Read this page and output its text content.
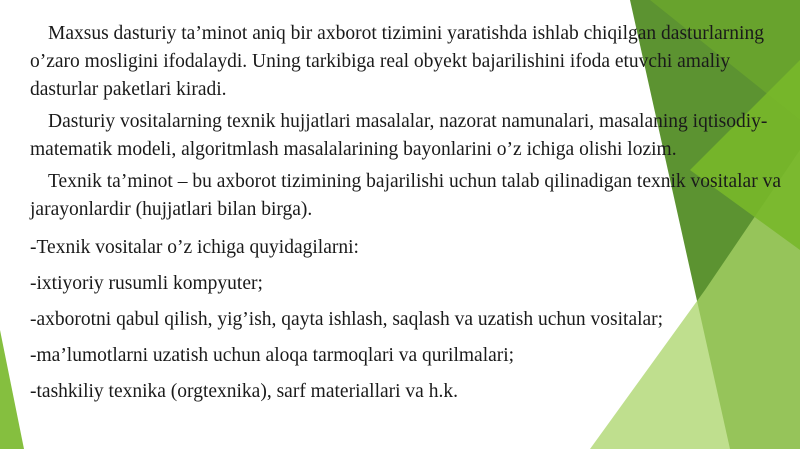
Maxsus dasturiy ta’minot aniq bir axborot tizimini yaratishda ishlab chiqilgan dasturlarning o’zaro mosligini ifodalaydi. Uning tarkibiga real obyekt bajarilishini ifoda etuvchi amaliy dasturlar paketlari kiradi.

Dasturiy vositalarning texnik hujjatlari masalalar, nazorat namunalari, masalaning iqtisodiy-matematik modeli, algoritmlash masalalarining bayonlarini o’z ichiga olishi lozim.

Texnik ta’minot – bu axborot tizimining bajarilishi uchun talab qilinadigan texnik vositalar va jarayonlardir (hujjatlari bilan birga).

-Texnik vositalar o’z ichiga quyidagilarni:

-ixtiyoriy rusumli kompyuter;

-axborotni qabul qilish, yig’ish, qayta ishlash, saqlash va uzatish uchun vositalar;

-ma’lumotlarni uzatish uchun aloqa tarmoqlari va qurilmalari;

-tashkiliy texnika (orgtexnika), sarf materiallari va h.k.
